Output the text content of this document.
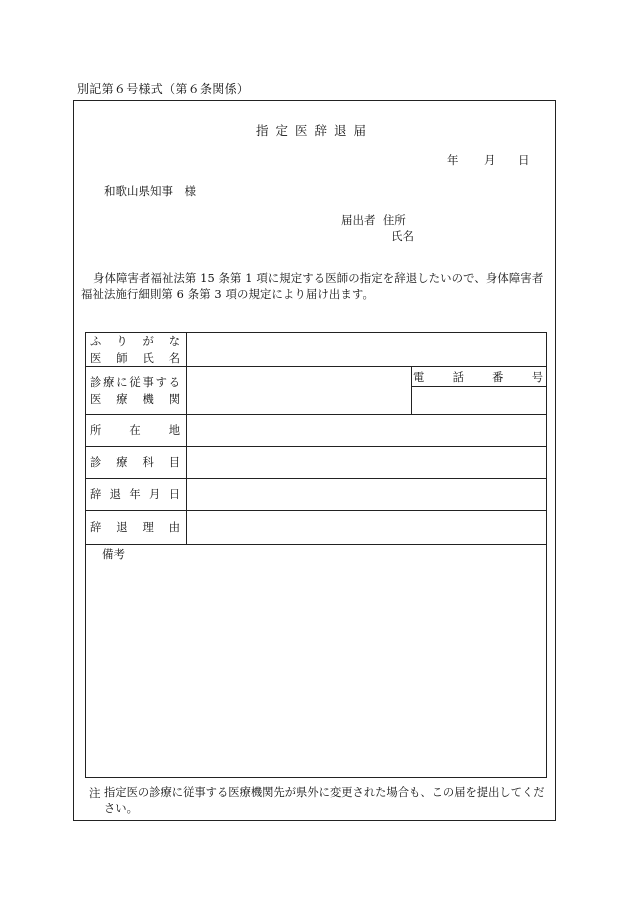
別記第６号様式（第６条関係）
指定医辞退届
年 月 日
和歌山県知事　様
届出者 住所
氏名
身体障害者福祉法第 15 条第 1 項に規定する医師の指定を辞退したいので、身体障害者福祉法施行細則第 6 条第 3 項の規定により届け出ます。
ふりがな
医師氏名
診療に従事する
医療機関
電話番号
所在地
診療科目
辞退年月日
辞退理由
備考
注 指定医の診療に従事する医療機関先が県外に変更された場合も、この届を提出してください。
